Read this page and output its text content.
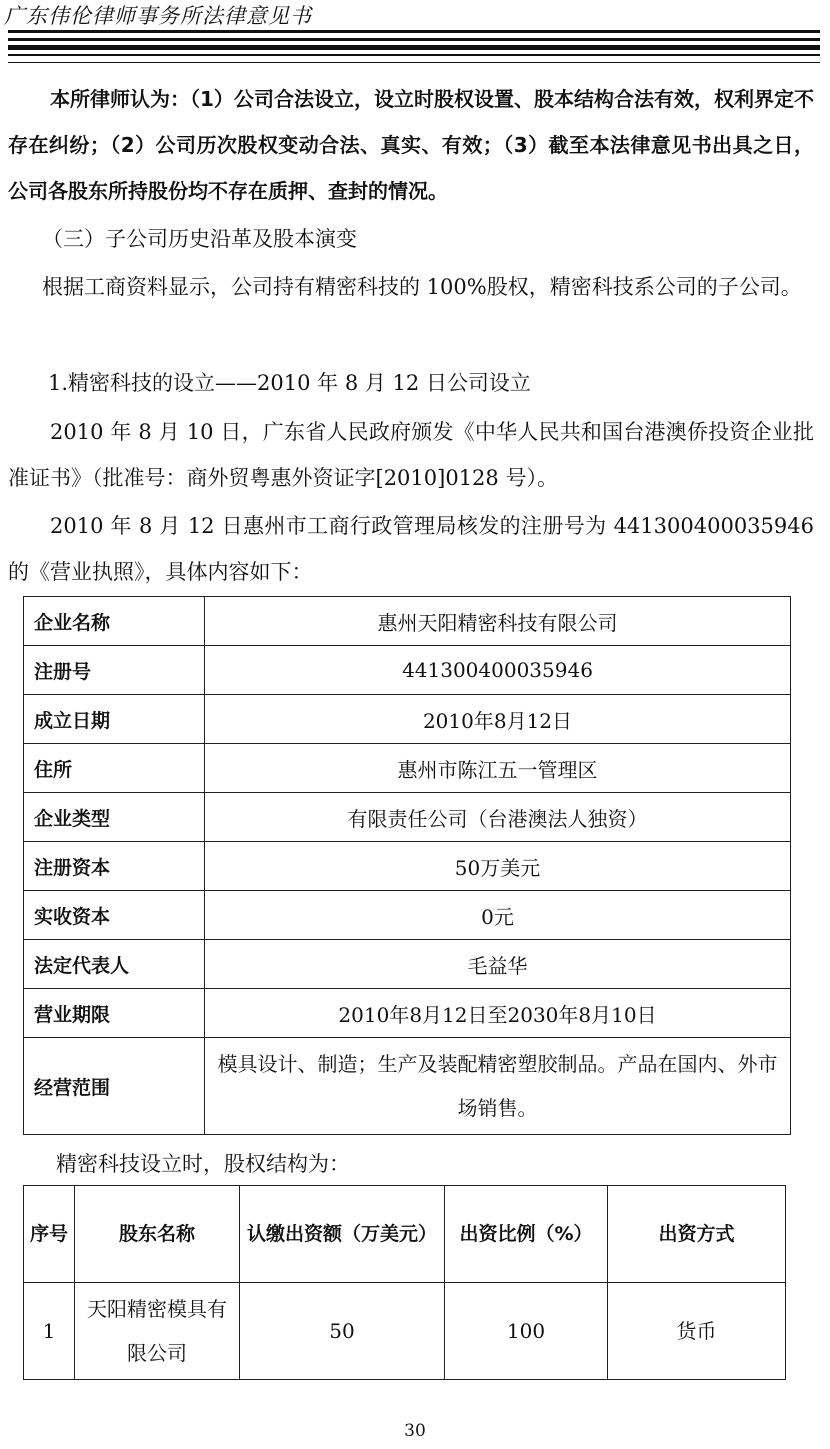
广东伟伦律师事务所法律意见书

本所律师认为：（1）公司合法设立，设立时股权设置、股本结构合法有效，权利界定不存在纠纷；（2）公司历次股权变动合法、真实、有效；（3）截至本法律意见书出具之日，公司各股东所持股份均不存在质押、查封的情况。

（三）子公司历史沿革及股本演变

根据工商资料显示，公司持有精密科技的 100%股权，精密科技系公司的子公司。

1.精密科技的设立——2010 年 8 月 12 日公司设立

2010 年 8 月 10 日，广东省人民政府颁发《中华人民共和国台港澳侨投资企业批准证书》（批准号：商外贸粤惠外资证字[2010]0128 号）。

2010 年 8 月 12 日惠州市工商行政管理局核发的注册号为 441300400035946 的《营业执照》，具体内容如下：

企业名称	惠州天阳精密科技有限公司
注册号	441300400035946
成立日期	2010年8月12日
住所	惠州市陈江五一管理区
企业类型	有限责任公司（台港澳法人独资）
注册资本	50万美元
实收资本	0元
法定代表人	毛益华
营业期限	2010年8月12日至2030年8月10日
经营范围	模具设计、制造；生产及装配精密塑胶制品。产品在国内、外市场销售。

精密科技设立时，股权结构为：

序号	股东名称	认缴出资额（万美元）	出资比例（%）	出资方式
1	天阳精密模具有限公司	50	100	货币
30
